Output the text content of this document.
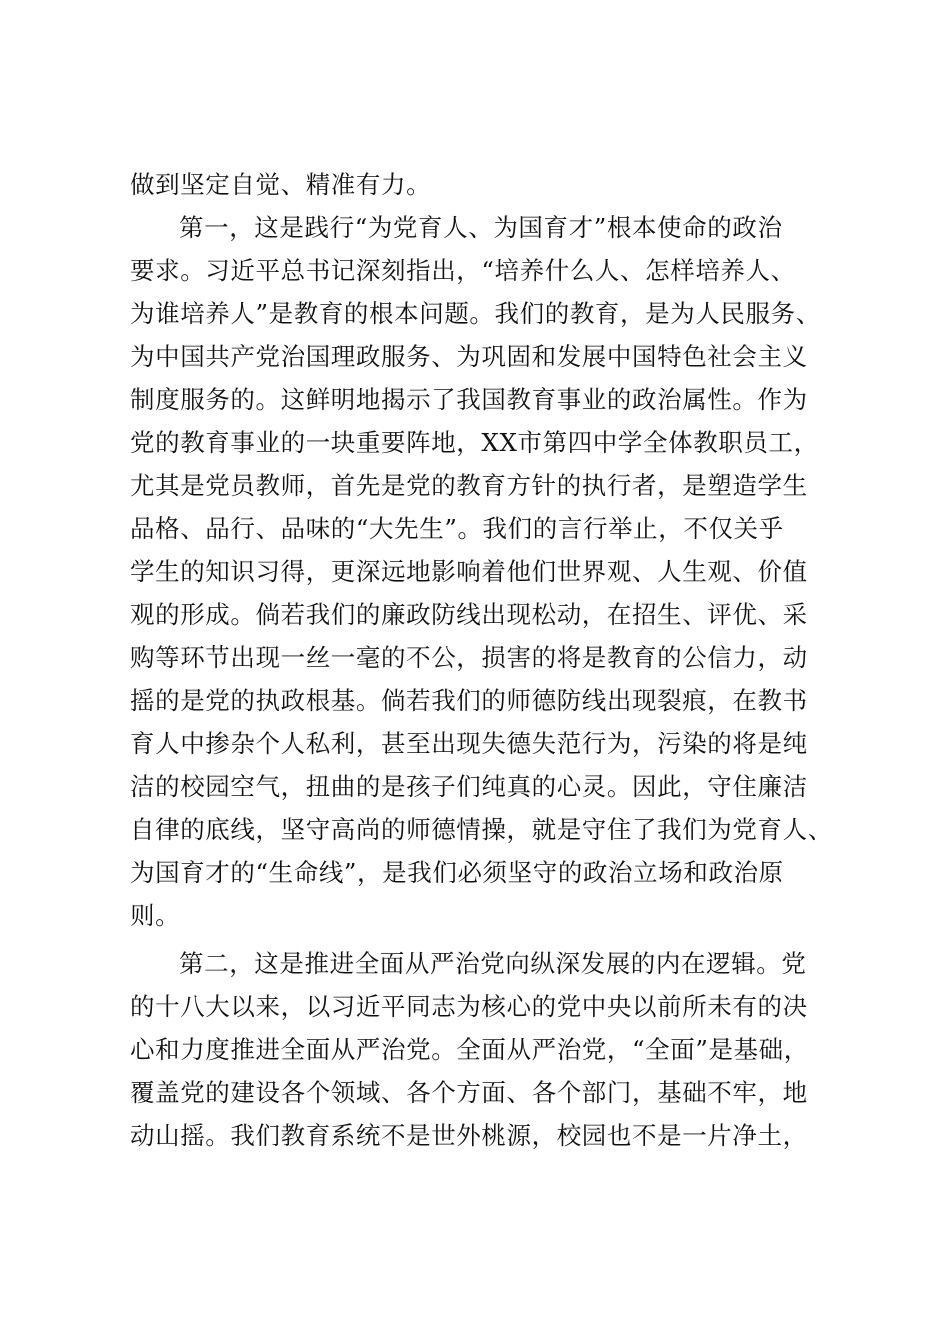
做到坚定自觉、精准有力。
第一，这是践行“为党育人、为国育才”根本使命的政治
要求。习近平总书记深刻指出，“培养什么人、怎样培养人、
为谁培养人”是教育的根本问题。我们的教育，是为人民服务、
为中国共产党治国理政服务、为巩固和发展中国特色社会主义
制度服务的。这鲜明地揭示了我国教育事业的政治属性。作为
党的教育事业的一块重要阵地，XX市第四中学全体教职员工，
尤其是党员教师，首先是党的教育方针的执行者，是塑造学生
品格、品行、品味的“大先生”。我们的言行举止，不仅关乎
学生的知识习得，更深远地影响着他们世界观、人生观、价值
观的形成。倘若我们的廉政防线出现松动，在招生、评优、采
购等环节出现一丝一毫的不公，损害的将是教育的公信力，动
摇的是党的执政根基。倘若我们的师德防线出现裂痕，在教书
育人中掺杂个人私利，甚至出现失德失范行为，污染的将是纯
洁的校园空气，扭曲的是孩子们纯真的心灵。因此，守住廉洁
自律的底线，坚守高尚的师德情操，就是守住了我们为党育人、
为国育才的“生命线”，是我们必须坚守的政治立场和政治原
则。
第二，这是推进全面从严治党向纵深发展的内在逻辑。党
的十八大以来，以习近平同志为核心的党中央以前所未有的决
心和力度推进全面从严治党。全面从严治党，“全面”是基础，
覆盖党的建设各个领域、各个方面、各个部门，基础不牢，地
动山摇。我们教育系统不是世外桃源，校园也不是一片净土，
